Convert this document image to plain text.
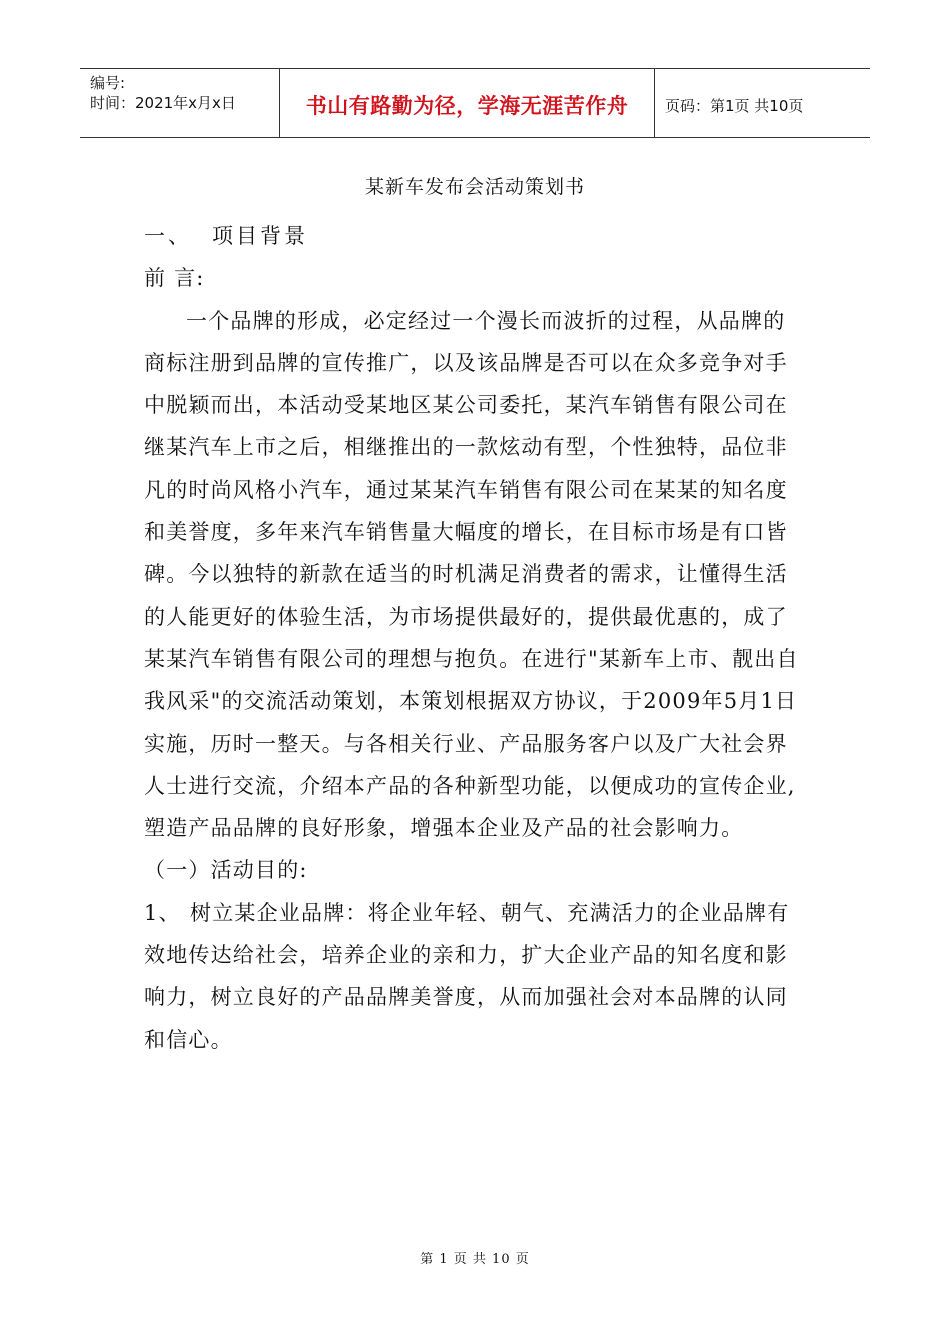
编号:
时间：2021年x月x日	书山有路勤为径，学海无涯苦作舟	页码：第1页 共10页
某新车发布会活动策划书

一、 项目背景

前 言:

一个品牌的形成，必定经过一个漫长而波折的过程，从品牌的商标注册到品牌的宣传推广，以及该品牌是否可以在众多竞争对手中脱颖而出，本活动受某地区某公司委托，某汽车销售有限公司在继某汽车上市之后，相继推出的一款炫动有型，个性独特，品位非凡的时尚风格小汽车，通过某某汽车销售有限公司在某某的知名度和美誉度，多年来汽车销售量大幅度的增长，在目标市场是有口皆碑。今以独特的新款在适当的时机满足消费者的需求，让懂得生活的人能更好的体验生活，为市场提供最好的，提供最优惠的，成了某某汽车销售有限公司的理想与抱负。在进行"某新车上市、靓出自我风采"的交流活动策划，本策划根据双方协议，于2009年5月1日实施，历时一整天。与各相关行业、产品服务客户以及广大社会界人士进行交流，介绍本产品的各种新型功能，以便成功的宣传企业,塑造产品品牌的良好形象，增强本企业及产品的社会影响力。

（一）活动目的:

1、 树立某企业品牌：将企业年轻、朝气、充满活力的企业品牌有效地传达给社会，培养企业的亲和力，扩大企业产品的知名度和影响力，树立良好的产品品牌美誉度，从而加强社会对本品牌的认同和信心。

第 1 页 共 10 页
